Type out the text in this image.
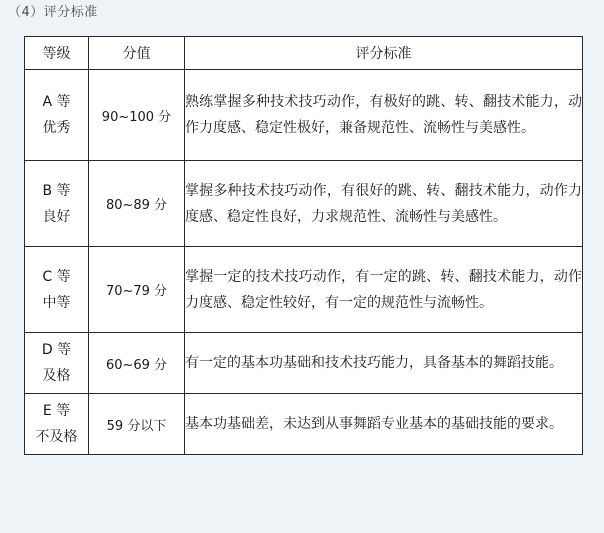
（4）评分标准
等级	分值	评分标准

A 等
优秀	90~100 分	熟练掌握多种技术技巧动作，有极好的跳、转、翻技术能力，动作力度感、稳定性极好，兼备规范性、流畅性与美感性。

B 等
良好	80~89 分	掌握多种技术技巧动作，有很好的跳、转、翻技术能力，动作力度感、稳定性良好，力求规范性、流畅性与美感性。

C 等
中等	70~79 分	掌握一定的技术技巧动作，有一定的跳、转、翻技术能力，动作力度感、稳定性较好，有一定的规范性与流畅性。

D 等
及格	60~69 分	有一定的基本功基础和技术技巧能力，具备基本的舞蹈技能。

E 等
不及格	59 分以下	基本功基础差，未达到从事舞蹈专业基本的基础技能的要求。
